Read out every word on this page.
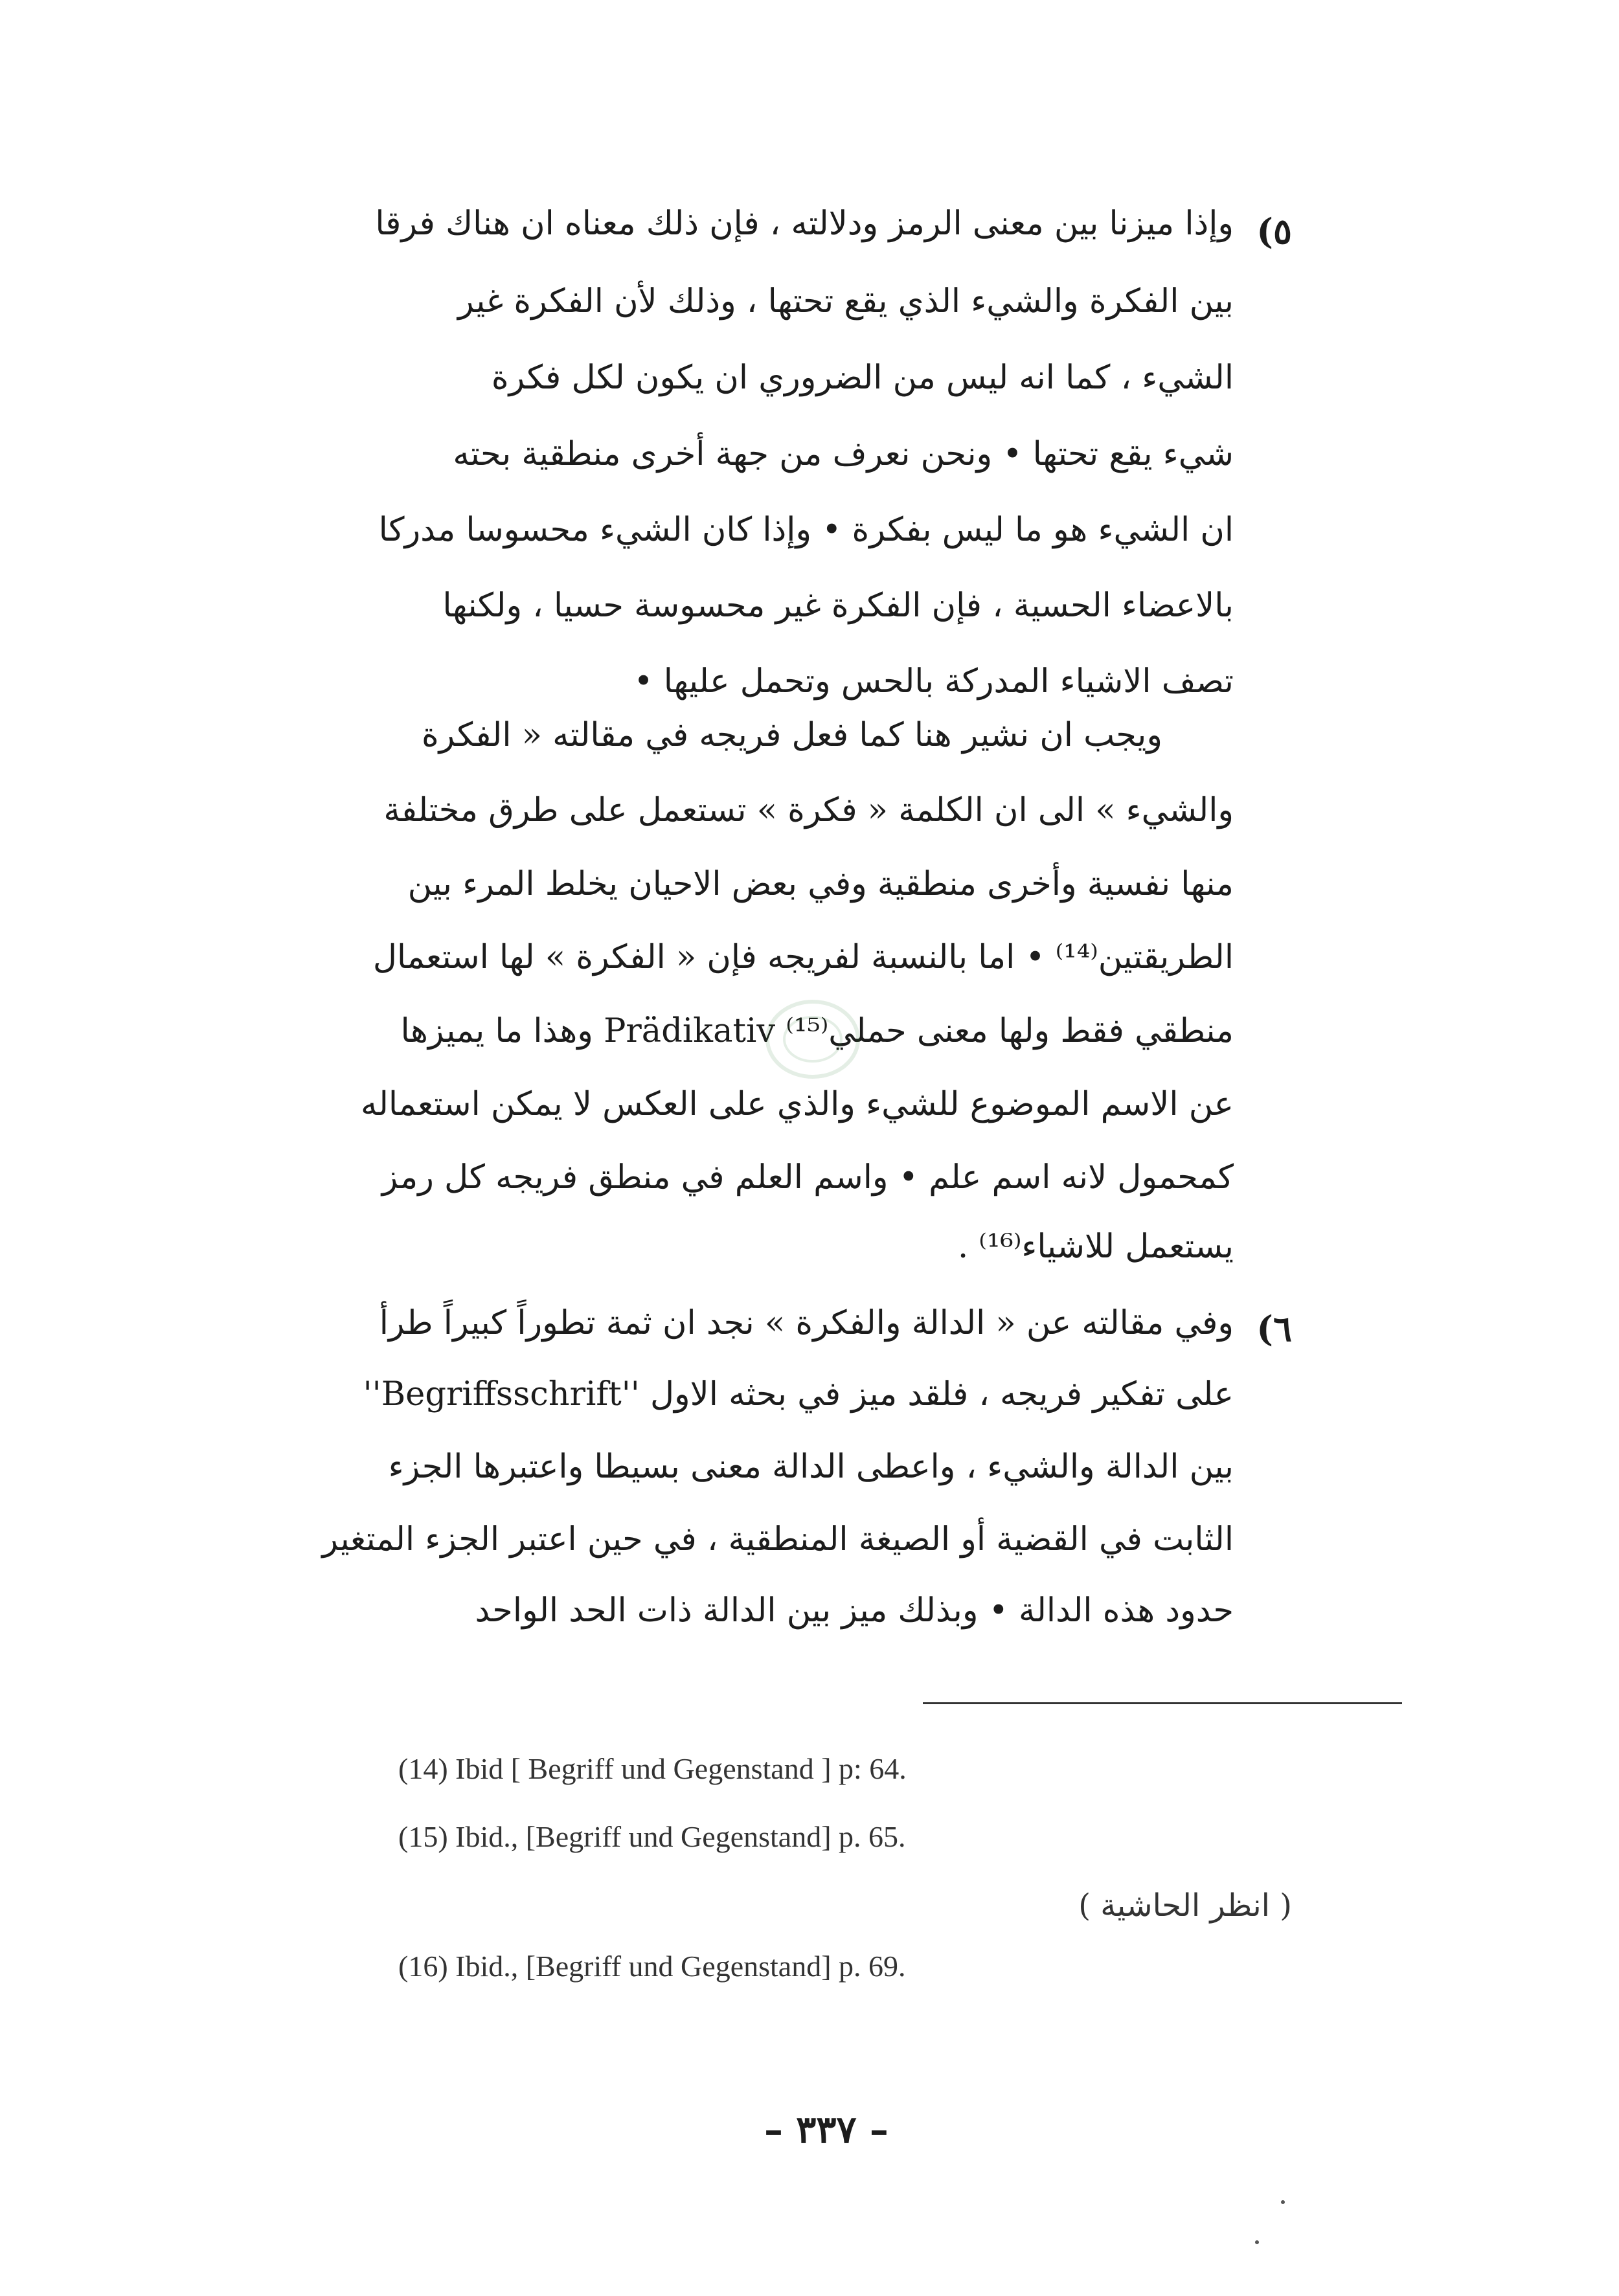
٥)
وإذا ميزنا بين معنى الرمز ودلالته ، فإن ذلك معناه ان هناك فرقا
بين الفكرة والشيء الذي يقع تحتها ، وذلك لأن الفكرة غير
الشيء ، كما انه ليس من الضروري ان يكون لكل فكرة
شيء يقع تحتها • ونحن نعرف من جهة أخرى منطقية بحته
ان الشيء هو ما ليس بفكرة • وإذا كان الشيء محسوسا مدركا
بالاعضاء الحسية ، فإن الفكرة غير محسوسة حسيا ، ولكنها
تصف الاشياء المدركة بالحس وتحمل عليها •
ويجب ان نشير هنا كما فعل فريجه في مقالته « الفكرة
والشيء » الى ان الكلمة « فكرة » تستعمل على طرق مختلفة
منها نفسية وأخرى منطقية وفي بعض الاحيان يخلط المرء بين
الطريقتين⁽¹⁴⁾ • اما بالنسبة لفريجه فإن « الفكرة » لها استعمال
منطقي فقط ولها معنى حملي⁽¹⁵⁾ Prädikativ وهذا ما يميزها
عن الاسم الموضوع للشيء والذي على العكس لا يمكن استعماله
كمحمول لانه اسم علم • واسم العلم في منطق فريجه كل رمز
يستعمل للاشياء⁽¹⁶⁾ .
٦)
وفي مقالته عن « الدالة والفكرة » نجد ان ثمة تطوراً كبيراً طرأ
على تفكير فريجه ، فلقد ميز في بحثه الاول ''Begriffsschrift''
بين الدالة والشيء ، واعطى الدالة معنى بسيطا واعتبرها الجزء
الثابت في القضية أو الصيغة المنطقية ، في حين اعتبر الجزء المتغير
حدود هذه الدالة • وبذلك ميز بين الدالة ذات الحد الواحد
(14) Ibid [ Begriff und Gegenstand ] p: 64.
(15) Ibid., [Begriff und Gegenstand] p. 65.
( انظر الحاشية )
(16) Ibid., [Begriff und Gegenstand] p. 69.
– ٣٣٧ –
